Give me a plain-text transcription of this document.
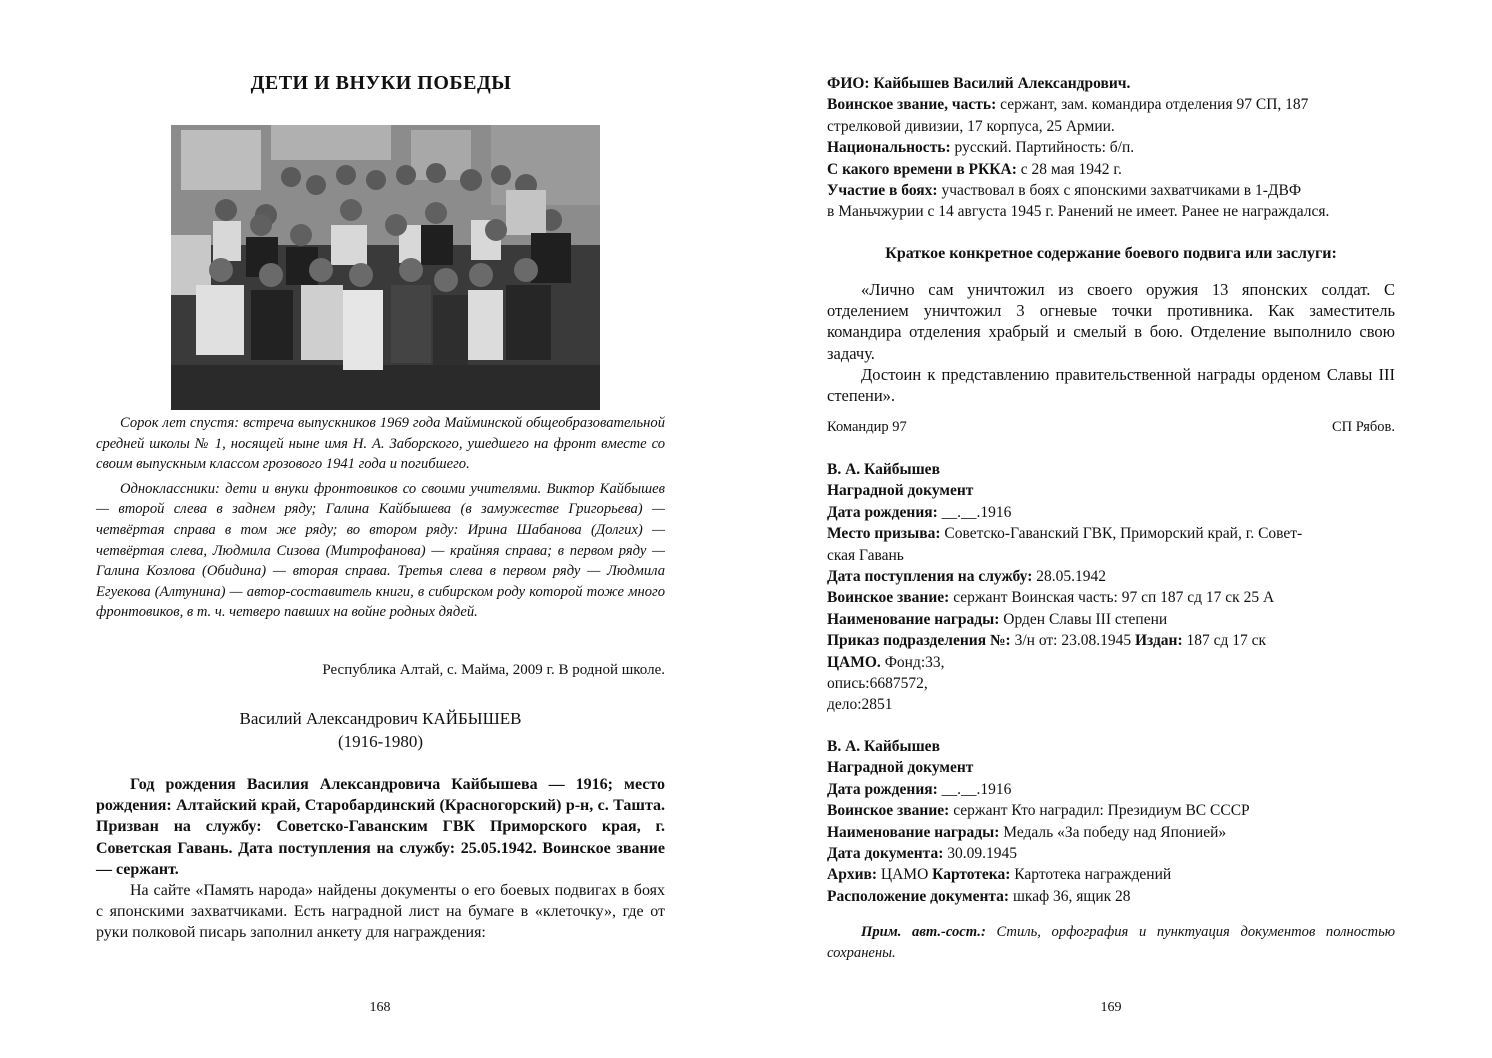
ДЕТИ И ВНУКИ ПОБЕДЫ

Сорок лет спустя: встреча выпускников 1969 года Майминской общеобразовательной средней школы № 1, носящей ныне имя Н. А. Заборского, ушедшего на фронт вместе со своим выпускным классом грозового 1941 года и погибшего.

Одноклассники: дети и внуки фронтовиков со своими учителями. Виктор Кайбышев — второй слева в заднем ряду; Галина Кайбышева (в замужестве Григорьева) — четвёртая справа в том же ряду; во втором ряду: Ирина Шабанова (Долгих) — четвёртая слева, Людмила Сизова (Митрофанова) — крайняя справа; в первом ряду — Галина Козлова (Обидина) — вторая справа. Третья слева в первом ряду — Людмила Егуекова (Алтунина) — автор-составитель книги, в сибирском роду которой тоже много фронтовиков, в т. ч. четверо павших на войне родных дядей.

Республика Алтай, с. Майма, 2009 г. В родной школе.
Василий Александрович КАЙБЫШЕВ
(1916-1980)

Год рождения Василия Александровича Кайбышева — 1916; место рождения: Алтайский край, Старобардинский (Красногорский) р-н, с. Ташта. Призван на службу: Советско-Гаванским ГВК Приморского края, г. Советская Гавань. Дата поступления на службу: 25.05.1942. Воинское звание — сержант.

На сайте «Память народа» найдены документы о его боевых подвигах в боях с японскими захватчиками. Есть наградной лист на бумаге в «клеточку», где от руки полковой писарь заполнил анкету для награждения:

168
ФИО: Кайбышев Василий Александрович.
Воинское звание, часть: сержант, зам. командира отделения 97 СП, 187
стрелковой дивизии, 17 корпуса, 25 Армии.
Национальность: русский. Партийность: б/п.
С какого времени в РККА: с 28 мая 1942 г.
Участие в боях: участвовал в боях с японскими захватчиками в 1-ДВФ
в Маньчжурии с 14 августа 1945 г. Ранений не имеет. Ранее не награждался.
Краткое конкретное содержание боевого подвига или заслуги:

«Лично сам уничтожил из своего оружия 13 японских солдат. С отделением уничтожил 3 огневые точки противника. Как заместитель командира отделения храбрый и смелый в бою. Отделение выполнило свою задачу.

Достоин к представлению правительственной награды орденом Славы III степени».

Командир 97	СП Рябов.
В. А. Кайбышев
Наградной документ
Дата рождения: __.__.1916
Место призыва: Советско-Гаванский ГВК, Приморский край, г. Совет-
ская Гавань
Дата поступления на службу: 28.05.1942
Воинское звание: сержант Воинская часть: 97 сп 187 сд 17 ск 25 А
Наименование награды: Орден Славы III степени
Приказ подразделения №: 3/н от: 23.08.1945 Издан: 187 сд 17 ск
ЦАМО. Фонд:33,
опись:6687572,
дело:2851
В. А. Кайбышев
Наградной документ
Дата рождения: __.__.1916
Воинское звание: сержант Кто наградил: Президиум ВС СССР
Наименование награды: Медаль «За победу над Японией»
Дата документа: 30.09.1945
Архив: ЦАМО Картотека: Картотека награждений
Расположение документа: шкаф 36, ящик 28
Прим. авт.-сост.: Стиль, орфография и пунктуация документов полностью сохранены.
169
